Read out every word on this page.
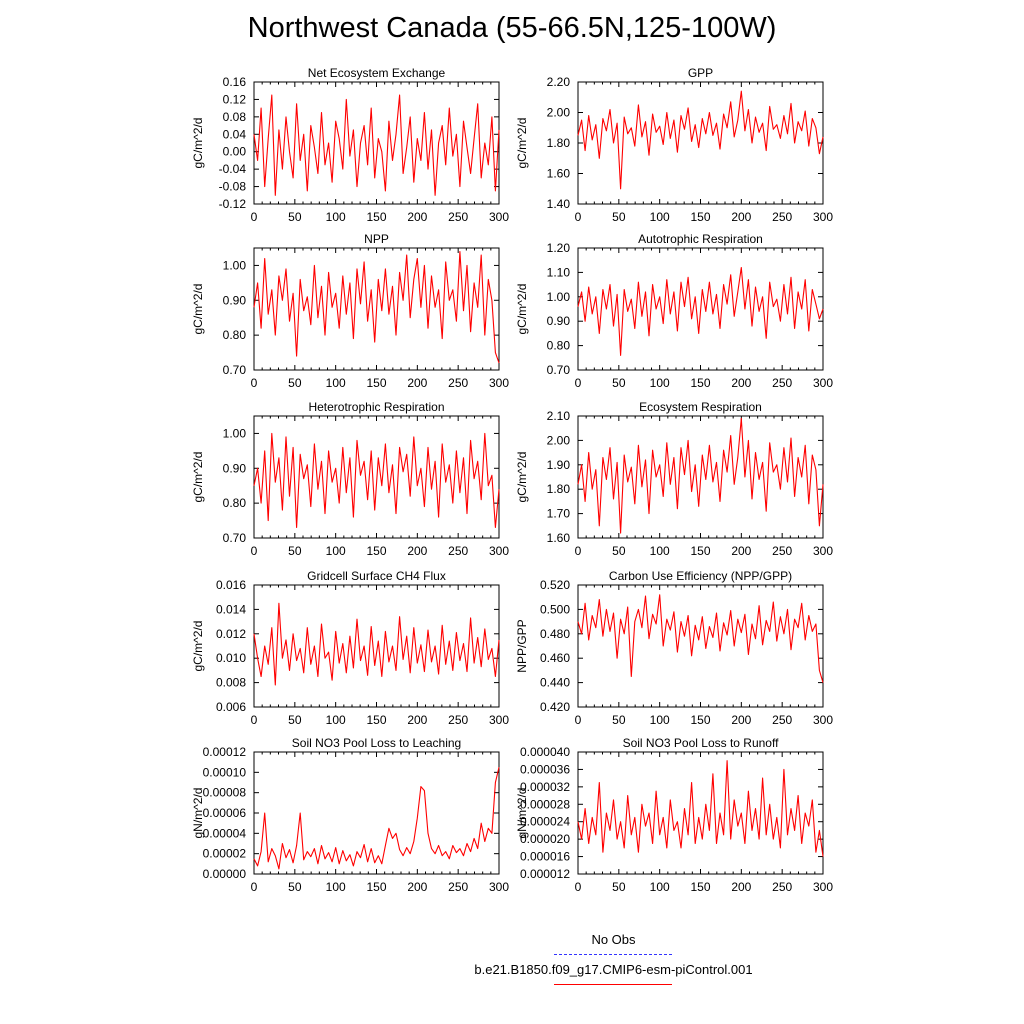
Northwest Canada (55-66.5N,125-100W)
Net Ecosystem Exchange
gC/m^2/d
0	50 100 150 200 250 300
-0.12
-0.08
-0.04
0.00
0.04
0.08
0.12
0.16
GPP
gC/m^2/d
0	50 100 150 200 250 300
1.40
1.60
1.80
2.00
2.20
NPP
gC/m^2/d
0	50 100 150 200 250 300
0.70
0.80
0.90
1.00
Autotrophic Respiration
gC/m^2/d
0	50 100 150 200 250 300
0.70
0.80
0.90
1.00
1.10
1.20
Heterotrophic Respiration
gC/m^2/d
0	50 100 150 200 250 300
0.70
0.80
0.90
1.00
Ecosystem Respiration
gC/m^2/d
0	50 100 150 200 250 300
1.60
1.70
1.80
1.90
2.00
2.10
Gridcell Surface CH4 Flux
gC/m^2/d
0	50 100 150 200 250 300
0.006
0.008
0.010
0.012
0.014
0.016
Carbon Use Efficiency (NPP/GPP)
NPP/GPP
0	50 100 150 200 250 300
0.420
0.440
0.460
0.480
0.500
0.520
Soil NO3 Pool Loss to Leaching
gN/m^2/d
0	50 100 150 200 250 300
0.00000
0.00002
0.00004
0.00006
0.00008
0.00010
0.00012
Soil NO3 Pool Loss to Runoff
gN/m^2/d
0	50 100 150 200 250 300
0.000012
0.000016
0.000020
0.000024
0.000028
0.000032
0.000036
0.000040
No Obs
b.e21.B1850.f09_g17.CMIP6-esm-piControl.001
